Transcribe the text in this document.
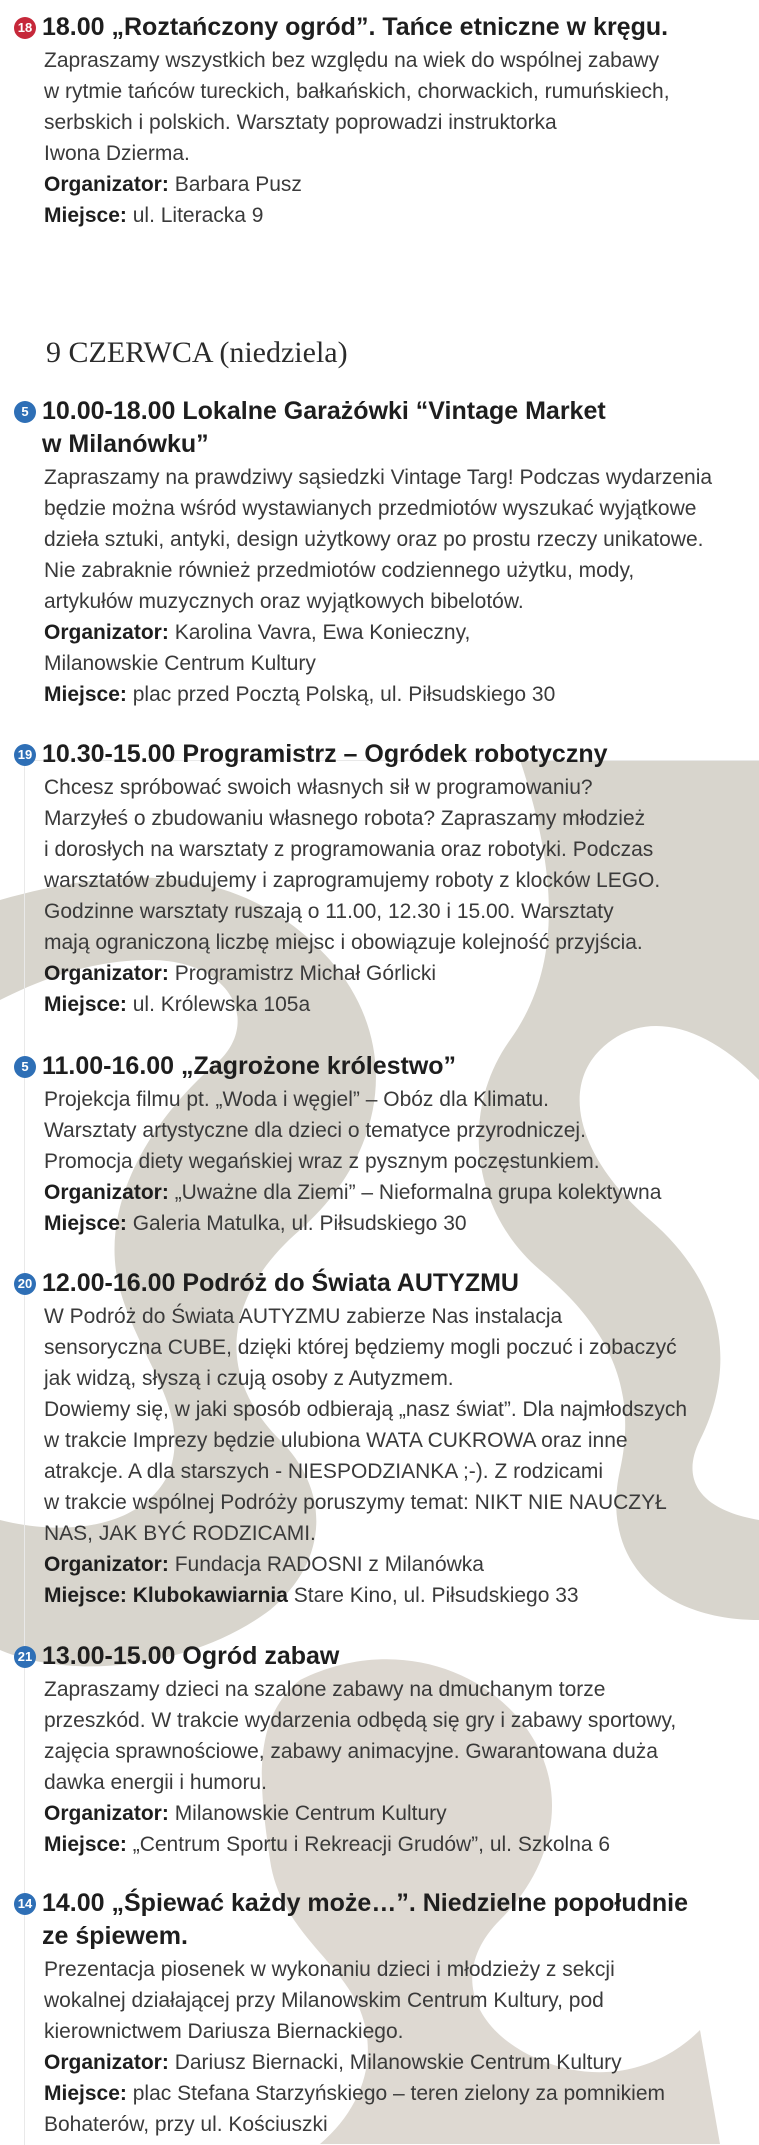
9 CZERWCA (niedziela)
18 18.00 „Roztańczony ogród”. Tańce etniczne w kręgu.

Zapraszamy wszystkich bez względu na wiek do wspólnej zabawy

w rytmie tańców tureckich, bałkańskich, chorwackich, rumuńskiech,

serbskich i polskich. Warsztaty poprowadzi instruktorka

Iwona Dzierma.

Organizator: Barbara Pusz

Miejsce: ul. Literacka 9

5 10.00-18.00 Lokalne Garażówki “Vintage Market

w Milanówku”

Zapraszamy na prawdziwy sąsiedzki Vintage Targ! Podczas wydarzenia

będzie można wśród wystawianych przedmiotów wyszukać wyjątkowe

dzieła sztuki, antyki, design użytkowy oraz po prostu rzeczy unikatowe.

Nie zabraknie również przedmiotów codziennego użytku, mody,

artykułów muzycznych oraz wyjątkowych bibelotów.

Organizator: Karolina Vavra, Ewa Konieczny,

Milanowskie Centrum Kultury

Miejsce: plac przed Pocztą Polską, ul. Piłsudskiego 30

19 10.30-15.00 Programistrz – Ogródek robotyczny

Chcesz spróbować swoich własnych sił w programowaniu?

Marzyłeś o zbudowaniu własnego robota? Zapraszamy młodzież

i dorosłych na warsztaty z programowania oraz robotyki. Podczas

warsztatów zbudujemy i zaprogramujemy roboty z klocków LEGO.

Godzinne warsztaty ruszają o 11.00, 12.30 i 15.00. Warsztaty

mają ograniczoną liczbę miejsc i obowiązuje kolejność przyjścia.

Organizator: Programistrz Michał Górlicki

Miejsce: ul. Królewska 105a

5 11.00-16.00 „Zagrożone królestwo”

Projekcja filmu pt. „Woda i węgiel” – Obóz dla Klimatu.

Warsztaty artystyczne dla dzieci o tematyce przyrodniczej.

Promocja diety wegańskiej wraz z pysznym poczęstunkiem.

Organizator: „Uważne dla Ziemi” – Nieformalna grupa kolektywna

Miejsce: Galeria Matulka, ul. Piłsudskiego 30

20 12.00-16.00 Podróż do Świata AUTYZMU

W Podróż do Świata AUTYZMU zabierze Nas instalacja

sensoryczna CUBE, dzięki której będziemy mogli poczuć i zobaczyć

jak widzą, słyszą i czują osoby z Autyzmem.

Dowiemy się, w jaki sposób odbierają „nasz świat”. Dla najmłodszych

w trakcie Imprezy będzie ulubiona WATA CUKROWA oraz inne

atrakcje. A dla starszych - NIESPODZIANKA ;-). Z rodzicami

w trakcie wspólnej Podróży poruszymy temat: NIKT NIE NAUCZYŁ

NAS, JAK BYĆ RODZICAMI.

Organizator: Fundacja RADOSNI z Milanówka

Miejsce: Klubokawiarnia Stare Kino, ul. Piłsudskiego 33

21 13.00-15.00 Ogród zabaw

Zapraszamy dzieci na szalone zabawy na dmuchanym torze

przeszkód. W trakcie wydarzenia odbędą się gry i zabawy sportowy,

zajęcia sprawnościowe, zabawy animacyjne. Gwarantowana duża

dawka energii i humoru.

Organizator: Milanowskie Centrum Kultury

Miejsce: „Centrum Sportu i Rekreacji Grudów”, ul. Szkolna 6

14 14.00 „Śpiewać każdy może…”. Niedzielne popołudnie

ze śpiewem.

Prezentacja piosenek w wykonaniu dzieci i młodzieży z sekcji

wokalnej działającej przy Milanowskim Centrum Kultury, pod

kierownictwem Dariusza Biernackiego.

Organizator: Dariusz Biernacki, Milanowskie Centrum Kultury

Miejsce: plac Stefana Starzyńskiego – teren zielony za pomnikiem

Bohaterów, przy ul. Kościuszki
